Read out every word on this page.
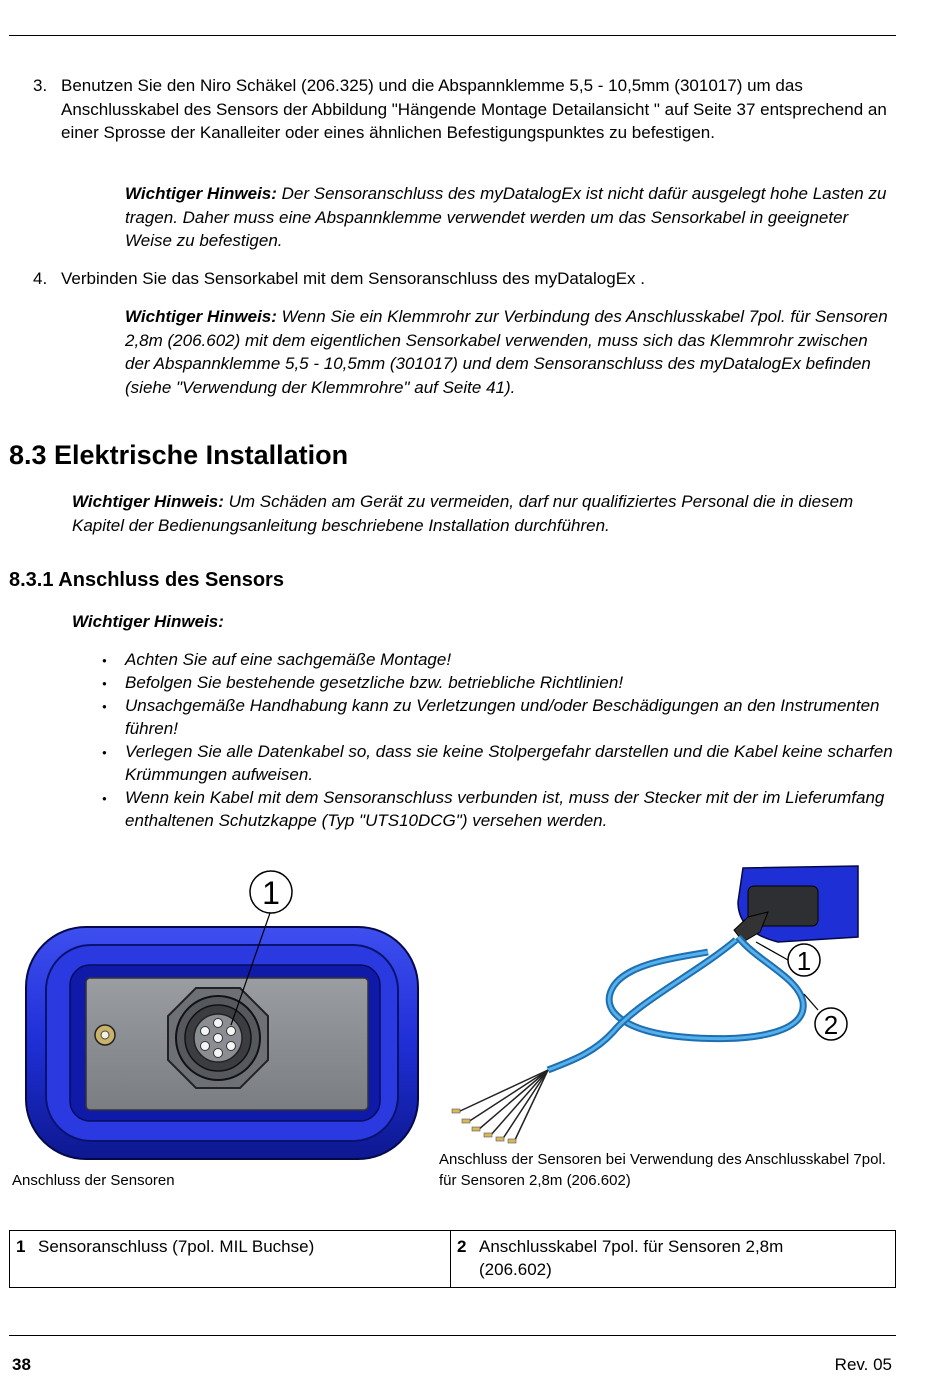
3. Benutzen Sie den Niro Schäkel (206.325) und die Abspannklemme 5,5 - 10,5mm (301017) um das Anschlusskabel des Sensors der Abbildung "Hängende Montage Detailansicht " auf Seite 37 entsprechend an einer Sprosse der Kanalleiter oder eines ähnlichen Befestigungspunktes zu befestigen.
Wichtiger Hinweis: Der Sensoranschluss des myDatalogEx ist nicht dafür ausgelegt hohe Lasten zu tragen. Daher muss eine Abspannklemme verwendet werden um das Sensorkabel in geeigneter Weise zu befestigen.
4. Verbinden Sie das Sensorkabel mit dem Sensoranschluss des myDatalogEx .
Wichtiger Hinweis: Wenn Sie ein Klemmrohr zur Verbindung des Anschlusskabel 7pol. für Sensoren 2,8m (206.602) mit dem eigentlichen Sensorkabel verwenden, muss sich das Klemmrohr zwischen der Abspannklemme 5,5 - 10,5mm (301017) und dem Sensoranschluss des myDatalogEx befinden (siehe "Verwendung der Klemmrohre" auf Seite 41).
8.3 Elektrische Installation
Wichtiger Hinweis: Um Schäden am Gerät zu vermeiden, darf nur qualifiziertes Personal die in diesem Kapitel der Bedienungsanleitung beschriebene Installation durchführen.
8.3.1 Anschluss des Sensors
Wichtiger Hinweis:
● Achten Sie auf eine sachgemäße Montage!
● Befolgen Sie bestehende gesetzliche bzw. betriebliche Richtlinien!
● Unsachgemäße Handhabung kann zu Verletzungen und/oder Beschädigungen an den Instrumenten führen!
● Verlegen Sie alle Datenkabel so, dass sie keine Stolpergefahr darstellen und die Kabel keine scharfen Krümmungen aufweisen.
● Wenn kein Kabel mit dem Sensoranschluss verbunden ist, muss der Stecker mit der im Lieferumfang enthaltenen Schutzkappe (Typ "UTS10DCG") versehen werden.
1
Anschluss der Sensoren
1
2
Anschluss der Sensoren bei Verwendung des Anschlusskabel 7pol. für Sensoren 2,8m (206.602)
1 Sensoranschluss (7pol. MIL Buchse)	2 Anschlusskabel 7pol. für Sensoren 2,8m (206.602)
38	Rev. 05
